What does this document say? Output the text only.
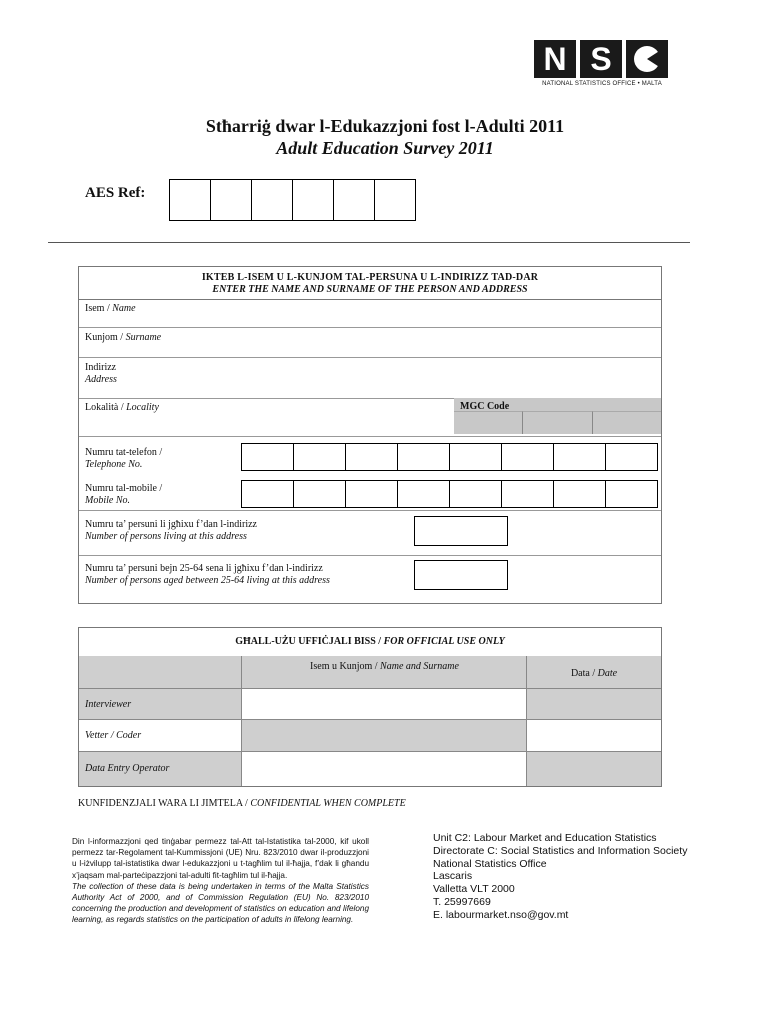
N S
NATIONAL STATISTICS OFFICE • MALTA
Stħarriġ dwar l-Edukazzjoni fost l-Adulti 2011
Adult Education Survey 2011
AES Ref:
IKTEB L-ISEM U L-KUNJOM TAL-PERSUNA U L-INDIRIZZ TAD-DAR
ENTER THE NAME AND SURNAME OF THE PERSON AND ADDRESS
Isem / Name
Kunjom / Surname
Indirizz
Address
Lokalità / Locality	MGC Code
Numru tat-telefon /
Telephone No.
Numru tal-mobile /
Mobile No.
Numru ta’ persuni li jgħixu f’dan l-indirizz
Number of persons living at this address
Numru ta’ persuni bejn 25-64 sena li jgħixu f’dan l-indirizz
Number of persons aged between 25-64 living at this address
GĦALL-UŻU UFFIĊJALI BISS / FOR OFFICIAL USE ONLY
Isem u Kunjom / Name and Surname
Data / Date
Interviewer
Vetter / Coder
Data Entry Operator
KUNFIDENZJALI WARA LI JIMTELA / CONFIDENTIAL WHEN COMPLETE
Din l-informazzjoni qed tinġabar permezz tal-Att tal-Istatistika tal-2000, kif ukoll permezz tar-Regolament tal-Kummissjoni (UE) Nru. 823/2010 dwar il-produzzjoni u l-iżvilupp tal-istatistika dwar l-edukazzjoni u t-tagħlim tul il-ħajja, f’dak li għandu x’jaqsam mal-parteċipazzjoni tal-adulti fit-tagħlim tul il-ħajja.
The collection of these data is being undertaken in terms of the Malta Statistics Authority Act of 2000, and of Commission Regulation (EU) No. 823/2010 concerning the production and development of statistics on education and lifelong learning, as regards statistics on the participation of adults in lifelong learning.
Unit C2: Labour Market and Education Statistics
Directorate C: Social Statistics and Information Society
National Statistics Office
Lascaris
Valletta VLT 2000
T. 25997669
E. labourmarket.nso@gov.mt
